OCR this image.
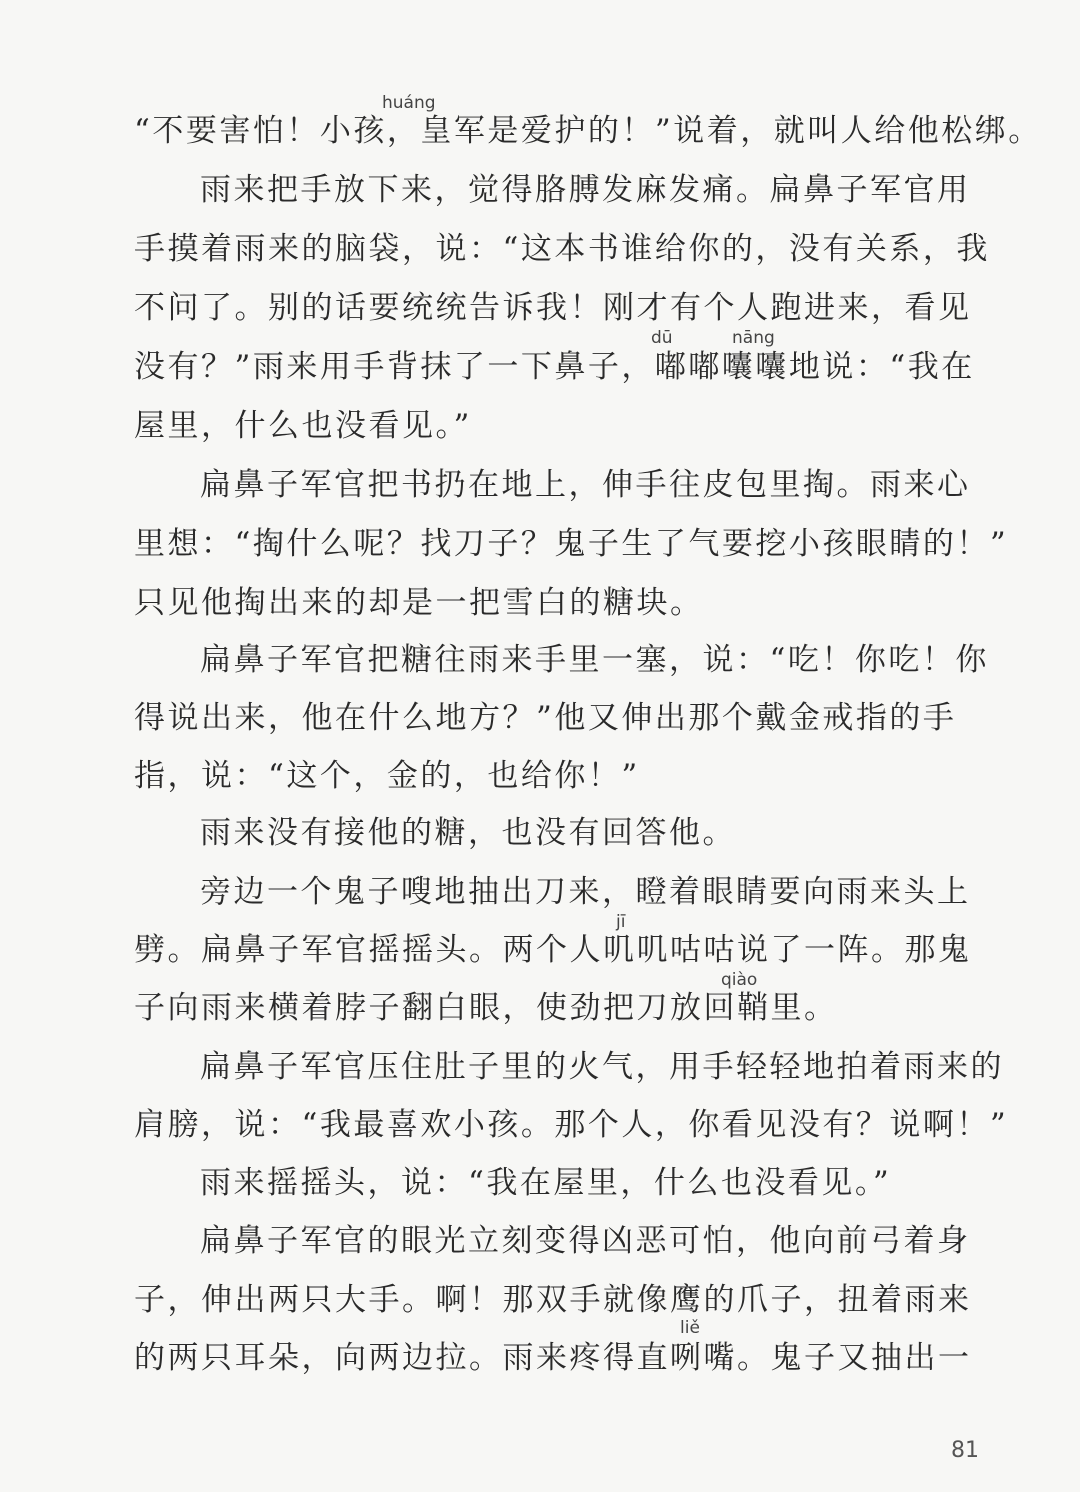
huáng
dū	nāng
jī
qiào
liě
“不要害怕！小孩，皇军是爱护的！”说着，就叫人给他松绑。
雨来把手放下来，觉得胳膊发麻发痛。扁鼻子军官用
手摸着雨来的脑袋，说：“这本书谁给你的，没有关系，我
不问了。别的话要统统告诉我！刚才有个人跑进来，看见
没有？”雨来用手背抹了一下鼻子，嘟嘟囔囔地说：“我在
屋里，什么也没看见。”
扁鼻子军官把书扔在地上，伸手往皮包里掏。雨来心
里想：“掏什么呢？找刀子？鬼子生了气要挖小孩眼睛的！”
只见他掏出来的却是一把雪白的糖块。
扁鼻子军官把糖往雨来手里一塞，说：“吃！你吃！你
得说出来，他在什么地方？”他又伸出那个戴金戒指的手
指，说：“这个，金的，也给你！”
雨来没有接他的糖，也没有回答他。
旁边一个鬼子嗖地抽出刀来，瞪着眼睛要向雨来头上
劈。扁鼻子军官摇摇头。两个人叽叽咕咕说了一阵。那鬼
子向雨来横着脖子翻白眼，使劲把刀放回鞘里。
扁鼻子军官压住肚子里的火气，用手轻轻地拍着雨来的
肩膀，说：“我最喜欢小孩。那个人，你看见没有？说啊！”
雨来摇摇头，说：“我在屋里，什么也没看见。”
扁鼻子军官的眼光立刻变得凶恶可怕，他向前弓着身
子，伸出两只大手。啊！那双手就像鹰的爪子，扭着雨来
的两只耳朵，向两边拉。雨来疼得直咧嘴。鬼子又抽出一
81
